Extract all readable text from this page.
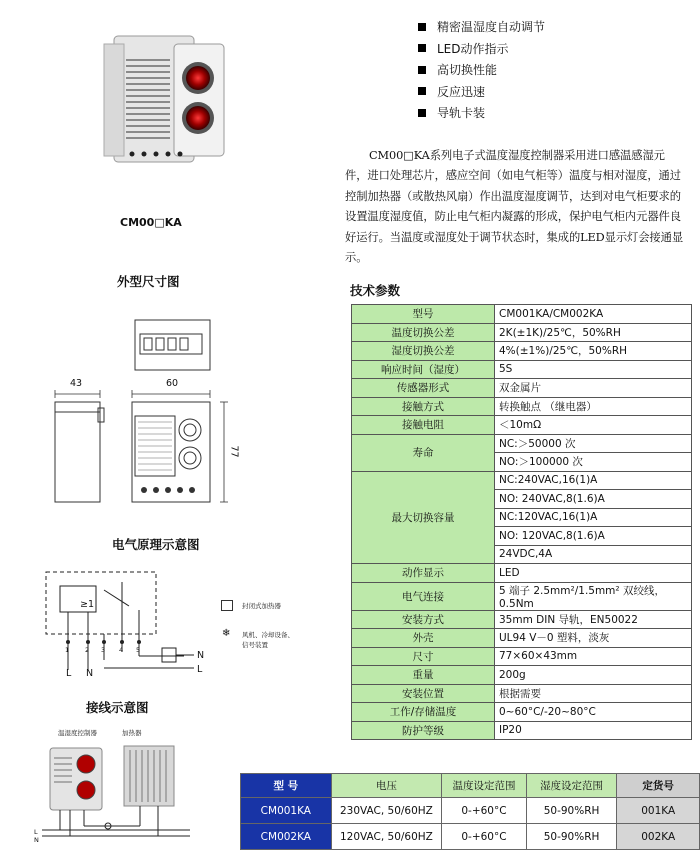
精密温湿度自动调节
LED动作指示
高切换性能
反应迅速
导轨卡装

CM00□KA系列电子式温度湿度控制器采用进口感温感湿元件，进口处理芯片，感应空间（如电气柜等）温度与相对湿度，通过控制加热器（或散热风扇）作出温度湿度调节，达到对电气柜要求的设置温度湿度值，防止电气柜内凝露的形成，保护电气柜内元器件良好运行。当温度或湿度处于调节状态时，集成的LED显示灯会接通显示。

CM00□KA
外型尺寸图
43	60
77
电气原理示意图
≥1
1 2 3 4 5
L N
N
L
封闭式加热器
❄ 风机、冷却设备、
信号装置
接线示意图
温湿度控制器	加热器
L
N
技术参数
型号	CM001KA/CM002KA
温度切换公差	2K(±1K)/25℃，50%RH
湿度切换公差	4%(±1%)/25℃，50%RH
响应时间（湿度）	5S
传感器形式	双金属片
接触方式	转换触点 （继电器）
接触电阻	＜10mΩ
寿命	NC:＞50000 次
	NO:＞100000 次
最大切换容量	NC:240VAC,16(1)A
	NO: 240VAC,8(1.6)A
	NC:120VAC,16(1)A
	NO: 120VAC,8(1.6)A
	24VDC,4A
动作显示	LED
电气连接	5 端子 2.5mm²/1.5mm² 双绞线， 0.5Nm
安装方式	35mm DIN 导轨，EN50022
外壳	UL94 V－0 塑料，淡灰
尺寸	77×60×43mm
重量	200g
安装位置	根据需要
工作/存储温度	0~60°C/-20~80°C
防护等级	IP20
型 号	电压	温度设定范围	湿度设定范围	定货号
CM001KA	230VAC, 50/60HZ	0-+60°C	50-90%RH	001KA
CM002KA	120VAC, 50/60HZ	0-+60°C	50-90%RH	002KA
